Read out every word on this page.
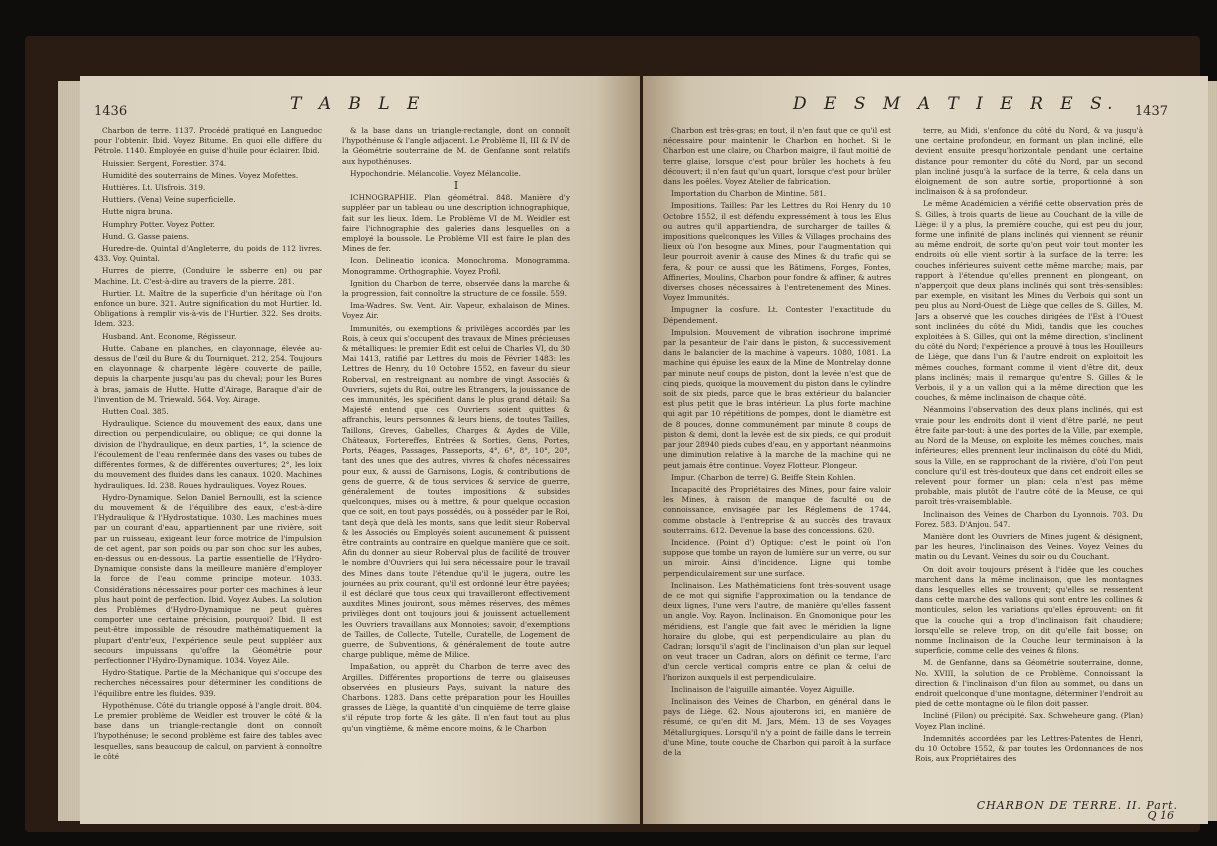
1436	T A B L E

Charbon de terre. 1137. Procédé pratiqué en Languedoc pour l'obtenir. Ibid. Voyez Bitume. En quoi elle diffère du Pétrole. 1140. Employée en guise d'huile pour éclairer. Ibid.

Huissier. Sergent, Forestier. 374.

Humidité des souterrains de Mines. Voyez Mofettes.

Huttières. Lt. Ulsfrois. 319.

Huttiers. (Vena) Veine superficielle.

Hutte nigra bruna.

Humphry Potter. Voyez Potter.

Hund. G. Gasse paiens.

Huredre-de. Quintal d'Angleterre, du poids de 112 livres. 433. Voy. Quintal.

Hurres de pierre, (Conduire le ssberre en) ou par Machine. Lt. C'est-à-dire au travers de la pierre. 281.

Hurtier. Lt. Maître de la superficie d'un héritage où l'on enfonce un bure. 321. Autre signification du mot Hurtier. Id. Obligations à remplir vis-à-vis de l'Hurtier. 322. Ses droits. Idem. 323.

Husband. Ant. Econome, Régisseur.

Hutte. Cabane en planches, en clayonnage, élevée au-dessus de l'œil du Bure & du Tourniquet. 212, 254. Toujours en clayonnage & charpente légère couverte de paille, depuis la charpente jusqu'au pas du cheval; pour les Bures à bras, jamais de Hutte. Hutte d'Airage, Baraque d'air de l'invention de M. Triewald. 564. Voy. Airage.

Hutten Coal. 385.

Hydraulique. Science du mouvement des eaux, dans une direction ou perpendiculaire, ou oblique; ce qui donne la division de l'hydraulique, en deux parties, 1°, la science de l'écoulement de l'eau renfermée dans des vases ou tubes de différentes formes, & de différentes ouvertures; 2°, les loix du mouvement des fluides dans les canaux. 1020. Machines hydrauliques. Id. 238. Roues hydrauliques. Voyez Roues.

Hydro-Dynamique. Selon Daniel Bernoulli, est la science du mouvement & de l'équilibre des eaux, c'est-à-dire l'Hydraulique & l'Hydrostatique. 1030. Les machines mues par un courant d'eau, appartiennent par une rivière, soit par un ruisseau, exigeant leur force motrice de l'impulsion de cet agent, par son poids ou par son choc sur les aubes, en-dessus ou en-dessous. La partie essentielle de l'Hydro-Dynamique consiste dans la meilleure manière d'employer la force de l'eau comme principe moteur. 1033. Considérations nécessaires pour porter ces machines à leur plus haut point de perfection. Ibid. Voyez Aubes. La solution des Problèmes d'Hydro-Dynamique ne peut guères comporter une certaine précision, pourquoi? Ibid. Il est peut-être impossible de résoudre mathématiquement la plupart d'entr'eux, l'expérience seule peut suppléer aux secours impuissans qu'offre la Géométrie pour perfectionner l'Hydro-Dynamique. 1034. Voyez Aile.

Hydro-Statique. Partie de la Méchanique qui s'occupe des recherches nécessaires pour déterminer les conditions de l'équilibre entre les fluides. 939.

Hypothénuse. Côté du triangle opposé à l'angle droit. 804. Le premier problème de Weidler est trouver le côté & la base dans un triangle-rectangle dont on connoît l'hypothénuse; le second problème est faire des tables avec lesquelles, sans beaucoup de calcul, on parvient à connoître le côté

& la base dans un triangle-rectangle, dont on connoît l'hypothénuse & l'angle adjacent. Le Problème II, III & IV de la Géométrie souterraine de M. de Genfanne sont relatifs aux hypothénuses.

Hypochondrie. Mélancolie. Voyez Mélancolie.

I

ICHNOGRAPHIE. Plan géométral. 848. Manière d'y suppléer par un tableau ou une description ichnographique, fait sur les lieux. Idem. Le Problème VI de M. Weidler est faire l'ichnographie des galeries dans lesquelles on a employé la boussole. Le Problème VII est faire le plan des Mines de fer.

Icon. Delineatio iconica. Monochroma. Monogramma. Monogramme. Orthographie. Voyez Profil.

Ignition du Charbon de terre, observée dans la marche & la progression, fait connoître la structure de ce fossile. 559.

Ima-Wadres. Sw. Vent. Air. Vapeur, exhalaison de Mines. Voyez Air.

Immunités, ou exemptions & privilèges accordés par les Rois, à ceux qui s'occupent des travaux de Mines précieuses & métalliques: le premier Edit est celui de Charles VI, du 30 Mai 1413, ratifié par Lettres du mois de Février 1483: les Lettres de Henry, du 10 Octobre 1552, en faveur du sieur Roberval, en restreignant au nombre de vingt Associés & Ouvriers, sujets du Roi, outre les Etrangers, la jouissance de ces immunités, les spécifient dans le plus grand détail: Sa Majesté entend que ces Ouvriers soient quittes & affranchis, leurs personnes & leurs biens, de toutes Tailles, Taillons, Greves, Gabelles, Charges & Aydes de Ville, Châteaux, Fortereffes, Entrées & Sorties, Gens, Portes, Ports, Péages, Passages, Passeports, 4°, 6°, 8°, 10°, 20°, tant des unes que des autres, vivres & chofes nécessaires pour eux, & aussi de Garnisons, Logis, & contributions de gens de guerre, & de tous services & service de guerre, généralement de toutes impositions & subsides quelconques, mises ou à mettre, & pour quelque occasion que ce soit, en tout pays possédés, ou à posséder par le Roi, tant deçà que delà les monts, sans que ledit sieur Roberval & les Associés ou Employés soient aucunement & puissent être contraints au contraire en quelque manière que ce soit. Afin du donner au sieur Roberval plus de facilité de trouver le nombre d'Ouvriers qui lui sera nécessaire pour le travail des Mines dans toute l'étendue qu'il le jugera, outre les journées au prix courant, qu'il est ordonné leur être payées; il est déclaré que tous ceux qui travailleront effectivement auxdites Mines jouiront, sous mêmes réserves, des mêmes privilèges dont ont toujours joui & jouissent actuellement les Ouvriers travaillans aux Monnoies; savoir, d'exemptions de Tailles, de Collecte, Tutelle, Curatelle, de Logement de guerre, de Subventions, & généralement de toute autre charge publique, même de Milice.

Impaßation, ou apprêt du Charbon de terre avec des Argilles. Différentes proportions de terre ou glaiseuses observées en plusieurs Pays, suivant la nature des Charbons. 1283. Dans cette préparation pour les Houilles grasses de Liège, la quantité d'un cinquième de terre glaise s'il répute trop forte & les gâte. Il n'en faut tout au plus qu'un vingtième, & même encore moins, & le Charbon

D E S M A T I E R E S. 1437

Charbon est très-gras; en tout, il n'en faut que ce qu'il est nécessaire pour maintenir le Charbon en hochet. Si le Charbon est une claire, ou Charbon maigre, il faut moitié de terre glaise, lorsque c'est pour brûler les hochets à feu découvert; il n'en faut qu'un quart, lorsque c'est pour brûler dans les poêles. Voyez Atelier de fabrication.

Importation du Charbon de Mintine. 581.

Impositions. Tailles: Par les Lettres du Roi Henry du 10 Octobre 1552, il est défendu expressément à tous les Elus ou autres qu'il appartiendra, de surcharger de tailles & impositions quelconques les Villes & Villages prochains des lieux où l'on besogne aux Mines, pour l'augmentation qui leur pourroit avenir à cause des Mines & du trafic qui se fera, & pour ce aussi que les Bâtimens, Forges, Fontes, Affineries, Moulins, Charbon pour fondre & affiner, & autres diverses choses nécessaires à l'entretenement des Mines. Voyez Immunités.

Impugner la cosfure. Lt. Contester l'exactitude du Dépendement.

Impulsion. Mouvement de vibration isochrone imprimé par la pesanteur de l'air dans le piston, & successivement dans le balancier de la machine à vapeurs. 1080, 1081. La machine qui épuise les eaux de la Mine de Montrelay donne par minute neuf coups de piston, dont la levée n'est que de cinq pieds, quoique la mouvement du piston dans le cylindre soit de six pieds, parce que le bras extérieur du balancier est plus petit que le bras intérieur. La plus forte machine qui agit par 10 répétitions de pompes, dont le diamètre est de 8 pouces, donne communément par minute 8 coups de piston & demi, dont la levée est de six pieds, ce qui produit par jour 28940 pieds cubes d'eau, en y apportant néanmoins une diminution relative à la marche de la machine qui ne peut jamais être continue. Voyez Flotteur. Plongeur.

Impur. (Charbon de terre) G. Beiffe Stein Kohlen.

Incapacité des Propriétaires des Mines, pour faire valoir les Mines, à raison de manque de faculté ou de connoissance, envisagée par les Réglemens de 1744, comme obstacle à l'entreprise & au succès des travaux souterrains. 612. Devenue la base des concessions. 620.

Incidence. (Point d') Optique: c'est le point où l'on suppose que tombe un rayon de lumière sur un verre, ou sur un miroir. Ainsi d'incidence. Ligne qui tombe perpendiculairement sur une surface.

Inclinaison. Les Mathématiciens font très-souvent usage de ce mot qui signifie l'approximation ou la tendance de deux lignes, l'une vers l'autre, de manière qu'elles fassent un angle. Voy. Rayon. Inclinaison. En Gnomonique pour les méridiens, est l'angle que fait avec le méridien la ligne horaire du globe, qui est perpendiculaire au plan du Cadran; lorsqu'il s'agit de l'inclinaison d'un plan sur lequel on veut tracer un Cadran, alors on définit ce terme, l'arc d'un cercle vertical compris entre ce plan & celui de l'horizon auxquels il est perpendiculaire.

Inclinaison de l'aiguille aimantée. Voyez Aiguille.

Inclinaison des Veines de Charbon, en général dans le pays de Liège. 62. Nous ajouterons ici, en manière de résumé, ce qu'en dit M. Jars, Mém. 13 de ses Voyages Métallurgiques. Lorsqu'il n'y a point de faille dans le terrein d'une Mine, toute couche de Charbon qui paroît à la surface de la

terre, au Midi, s'enfonce du côté du Nord, & va jusqu'à une certaine profondeur, en formant un plan incliné, elle devient ensuite presqu'horizontale pendant une certaine distance pour remonter du côté du Nord, par un second plan incliné jusqu'à la surface de la terre, & cela dans un éloignement de son autre sortie, proportionné à son inclinaison & à sa profondeur.

Le même Académicien a vérifié cette observation près de S. Gilles, à trois quarts de lieue au Couchant de la ville de Liège: il y a plus, la première couche, qui est peu du jour, forme une infinité de plans inclinés qui viennent se réunir au même endroit, de sorte qu'on peut voir tout monter les endroits où elle vient sortir à la surface de la terre: les couches inférieures suivent cette même marche; mais, par rapport à l'étendue qu'elles prennent en plongeant, on n'apperçoit que deux plans inclinés qui sont très-sensibles: par exemple, en visitant les Mines du Verbois qui sont un peu plus au Nord-Ouest de Liège que celles de S. Gilles, M. Jars a observé que les couches dirigées de l'Est à l'Ouest sont inclinées du côté du Midi, tandis que les couches exploitées à S. Gilles, qui ont la même direction, s'inclinent du côté du Nord; l'expérience a prouvé à tous les Houilleurs de Liège, que dans l'un & l'autre endroit on exploitoit les mêmes couches, formant comme il vient d'être dit, deux plans inclinés; mais il remarque qu'entre S. Gilles & le Verbois, il y a un vallon qui a la même direction que les couches, & même inclinaison de chaque côté.

Néanmoins l'observation des deux plans inclinés, qui est vraie pour les endroits dont il vient d'être parlé, ne peut être faite par-tout: à une des portes de la Ville, par exemple, au Nord de la Meuse, on exploite les mêmes couches, mais inférieures; elles prennent leur inclinaison du côté du Midi, sous la Ville, en se rapprochant de la rivière, d'où l'on peut conclure qu'il est très-douteux que dans cet endroit elles se relevent pour former un plan: cela n'est pas même probable, mais plutôt de l'autre côté de la Meuse, ce qui paroît très-vraisemblable.

Inclinaison des Veines de Charbon du Lyonnois. 703. Du Forez. 583. D'Anjou. 547.

Manière dont les Ouvriers de Mines jugent & désignent, par les heures, l'inclinaison des Veines. Voyez Veines du matin ou du Levant. Veines du soir ou du Couchant.

On doit avoir toujours présent à l'idée que les couches marchent dans la même inclinaison, que les montagnes dans lesquelles elles se trouvent; qu'elles se ressentent dans cette marche des vallons qui sont entre les collines & monticules, selon les variations qu'elles éprouvent: on fit que la couche qui a trop d'inclinaison fait chaudiere; lorsqu'elle se releve trop, on dit qu'elle fait bosse; on nomme Inclinaison de la Couche leur terminaison à la superficie, comme celle des veines & filons.

M. de Genfanne, dans sa Géométrie souterraine, donne, No. XVIII, la solution de ce Problème. Connoissant la direction & l'inclinaison d'un filon au sommet, ou dans un endroit quelconque d'une montagne, déterminer l'endroit au pied de cette montagne où le filon doit passer.

Incliné (Filon) ou précipité. Sax. Schweheure gang. (Plan) Voyez Plan incliné.

Indemnités accordées par les Lettres-Patentes de Henri, du 10 Octobre 1552, & par toutes les Ordonnances de nos Rois, aux Propriétaires des

CHARBON DE TERRE. II. Part.
Q 16
